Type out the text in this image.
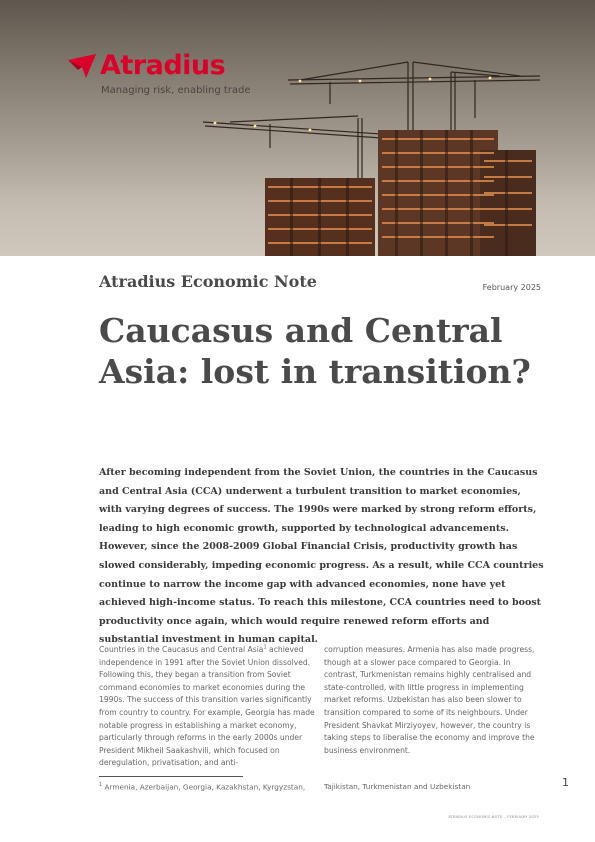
Atradius
Managing risk, enabling trade
Atradius Economic Note	February 2025
Caucasus and Central Asia: lost in transition?

After becoming independent from the Soviet Union, the countries in the Caucasus and Central Asia (CCA) underwent a turbulent transition to market economies, with varying degrees of success. The 1990s were marked by strong reform efforts, leading to high economic growth, supported by technological advancements. However, since the 2008-2009 Global Financial Crisis, productivity growth has slowed considerably, impeding economic progress. As a result, while CCA countries continue to narrow the income gap with advanced economies, none have yet achieved high-income status. To reach this milestone, CCA countries need to boost productivity once again, which would require renewed reform efforts and substantial investment in human capital.

Countries in the Caucasus and Central Asia$^1$ achieved independence in 1991 after the Soviet Union dissolved. Following this, they began a transition from Soviet command economies to market economies during the 1990s. The success of this transition varies significantly from country to country. For example, Georgia has made notable progress in establishing a market economy, particularly through reforms in the early 2000s under President Mikheil Saakashvili, which focused on deregulation, privatisation, and anti-

corruption measures. Armenia has also made progress, though at a slower pace compared to Georgia. In contrast, Turkmenistan remains highly centralised and state-controlled, with little progress in implementing market reforms. Uzbekistan has also been slower to transition compared to some of its neighbours. Under President Shavkat Mirziyoyev, however, the country is taking steps to liberalise the economy and improve the business environment.

$^1$ Armenia, Azerbaijan, Georgia, Kazakhstan, Kyrgyzstan,	Tajikistan, Turkmenistan and Uzbekistan	1
ATRADIUS ECONOMIC NOTE – FEBRUARY 2025
